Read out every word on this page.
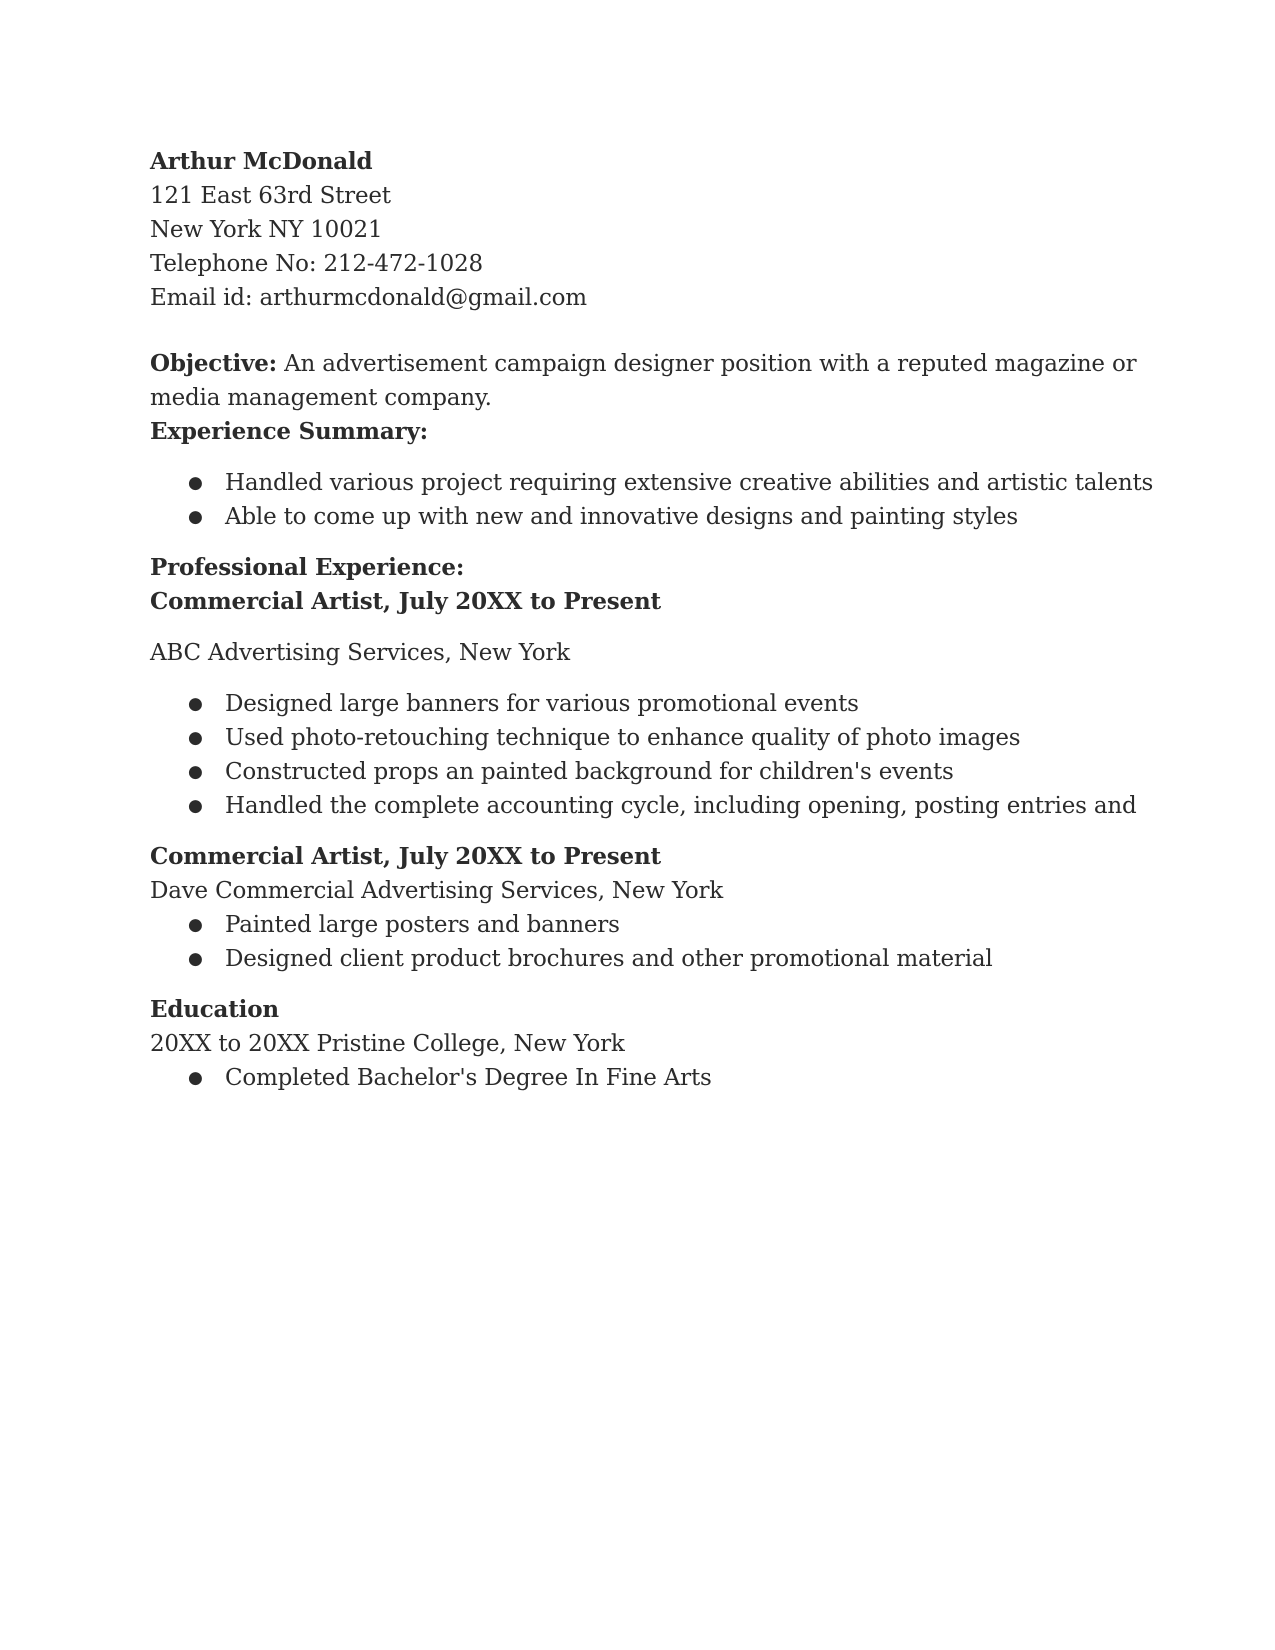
Arthur McDonald
121 East 63rd Street
New York NY 10021
Telephone No: 212-472-1028
Email id: arthurmcdonald@gmail.com
Objective: An advertisement campaign designer position with a reputed magazine or media management company.
Experience Summary:
● Handled various project requiring extensive creative abilities and artistic talents
● Able to come up with new and innovative designs and painting styles
Professional Experience:
Commercial Artist, July 20XX to Present
ABC Advertising Services, New York
● Designed large banners for various promotional events
● Used photo-retouching technique to enhance quality of photo images
● Constructed props an painted background for children's events
● Handled the complete accounting cycle, including opening, posting entries and
Commercial Artist, July 20XX to Present
Dave Commercial Advertising Services, New York
● Painted large posters and banners
● Designed client product brochures and other promotional material
Education
20XX to 20XX Pristine College, New York
● Completed Bachelor's Degree In Fine Arts
